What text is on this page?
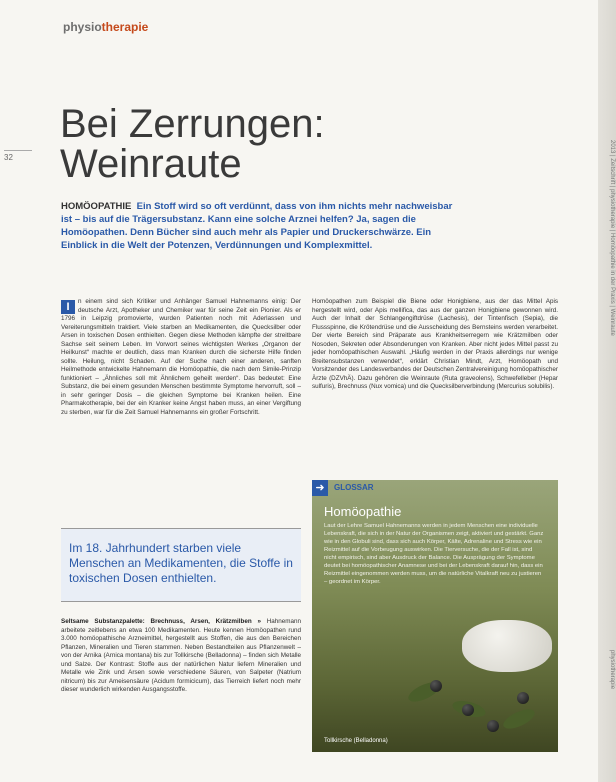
physiotherapie
32
Bei Zerrungen:
Weinraute

HOMÖOPATHIE Ein Stoff wird so oft verdünnt, dass von ihm nichts mehr nachweisbar ist – bis auf die Trägersubstanz. Kann eine solche Arznei helfen? Ja, sagen die Homöopathen. Denn Bücher sind auch mehr als Papier und Druckerschwärze. Ein Einblick in die Welt der Potenzen, Verdünnungen und Komplexmittel.

I	n einem sind sich Kritiker und Anhänger Samuel Hahnemanns einig: Der deutsche Arzt, Apotheker und Chemiker war für seine Zeit ein Pionier. Als er 1796 in Leipzig promovierte, wurden Patienten noch mit Aderlassen und Vereiterungsmitteln traktiert. Viele starben an Medikamenten, die Quecksilber oder Arsen in toxischen Dosen enthielten. Gegen diese Methoden kämpfte der streitbare Sachse seit seinem Leben. Im Vorwort seines wichtigsten Werkes „Organon der Heilkunst“ machte er deutlich, dass man Kranken durch die sicherste Hilfe finden sollte. Heilung, nicht Schaden. Auf der Suche nach einer anderen, sanften Heilmethode entwickelte Hahnemann die Homöopathie, die nach dem Simile-Prinzip funktioniert – „Ähnliches soll mit Ähnlichem geheilt werden“. Das bedeutet: Eine Substanz, die bei einem gesunden Menschen bestimmte Symptome hervorruft, soll – in sehr geringer Dosis – die gleichen Symptome bei Kranken heilen. Eine Pharmakotherapie, bei der ein Kranker keine Angst haben muss, an einer Vergiftung zu sterben, war für die Zeit Samuel Hahnemanns ein großer Fortschritt.

Im 18. Jahrhundert starben viele Menschen an Medikamenten, die Stoffe in toxischen Dosen enthielten.

Seltsame Substanzpalette: Brechnuss, Arsen, Krätzmilben » Hahnemann arbeitete zeitlebens an etwa 100 Medikamenten. Heute kennen Homöopathen rund 3.000 homöopathische Arzneimittel, hergestellt aus Stoffen, die aus den Bereichen Pflanzen, Mineralien und Tieren stammen. Neben Bestandteilen aus Pflanzenwelt – von der Arnika (Arnica montana) bis zur Tollkirsche (Belladonna) – finden sich Metalle und Salze. Der Kontrast: Stoffe aus der natürlichen Natur liefern Mineralien und Metalle wie Zink und Arsen sowie verschiedene Säuren, von Salpeter (Natrium nitricum) bis zur Ameisensäure (Acidum formicicum), das Tierreich liefert noch mehr dieser wunderlich wirkenden Ausgangsstoffe.

Homöopathen zum Beispiel die Biene oder Honigbiene, aus der das Mittel Apis hergestellt wird, oder Apis mellifica, das aus der ganzen Honigbiene gewonnen wird. Auch der Inhalt der Schlangengiftdrüse (Lachesis), der Tintenfisch (Sepia), die Flussspinne, die Krötendrüse und die Ausscheidung des Bernsteins werden verarbeitet. Der vierte Bereich sind Präparate aus Krankheitserregern wie Krätzmilben oder Nosoden, Sekreten oder Absonderungen von Kranken. Aber nicht jedes Mittel passt zu jeder homöopathischen Auswahl. „Häufig werden in der Praxis allerdings nur wenige Breitensubstanzen verwendet“, erklärt Christian Mindt, Arzt, Homöopath und Vorsitzender des Landesverbandes der Deutschen Zentralvereinigung homöopathischer Ärzte (DZVhÄ). Dazu gehören die Weinraute (Ruta graveolens), Schwefelleber (Hepar sulfuris), Brechnuss (Nux vomica) und die Quecksilberverbindung (Mercurius solubilis).

➜	GLOSSAR
Homöopathie

Laut der Lehre Samuel Hahnemanns werden in jedem Menschen eine individuelle Lebenskraft, die sich in der Natur der Organismen zeigt, aktiviert und gestärkt. Ganz wie in den Globuli sind, dass sich auch Körper, Kälte, Adrenaline und Stress wie ein Reizmittel auf die Vorbeugung auswirken. Die Tierversuche, die der Fall ist, sind nicht empirisch, sind aber Ausdruck der Balance. Die Ausprägung der Symptome deutet bei homöopathischer Anamnese und bei der Lebenskraft darauf hin, dass ein Reizmittel eingenommen werden muss, um die natürliche Vitalkraft neu zu justieren – geordnet im Körper.

Tollkirsche (Belladonna)
2013 | Zeitschrift | physiotherapie | Homöopathie in der Praxis | Weinraute
physiotherapie
